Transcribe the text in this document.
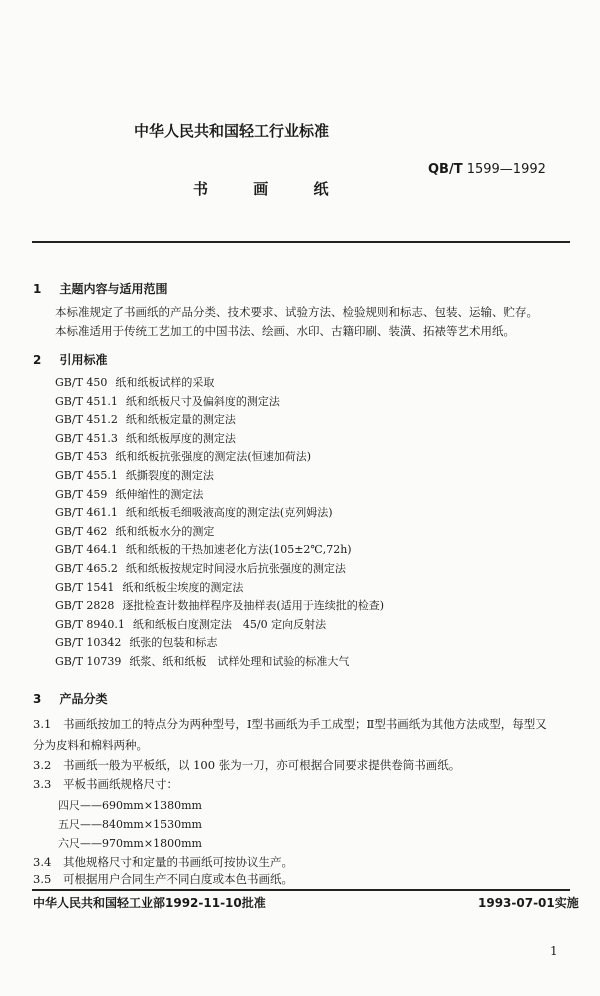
中华人民共和国轻工行业标准
QB/T 1599—1992
书 画 纸
1 主题内容与适用范围
本标准规定了书画纸的产品分类、技术要求、试验方法、检验规则和标志、包装、运输、贮存。
本标准适用于传统工艺加工的中国书法、绘画、水印、古籍印刷、装潢、拓裱等艺术用纸。
2 引用标准
GB/T 450 纸和纸板试样的采取
GB/T 451.1 纸和纸板尺寸及偏斜度的测定法
GB/T 451.2 纸和纸板定量的测定法
GB/T 451.3 纸和纸板厚度的测定法
GB/T 453 纸和纸板抗张强度的测定法(恒速加荷法)
GB/T 455.1 纸撕裂度的测定法
GB/T 459 纸伸缩性的测定法
GB/T 461.1 纸和纸板毛细吸液高度的测定法(克列姆法)
GB/T 462 纸和纸板水分的测定
GB/T 464.1 纸和纸板的干热加速老化方法(105±2℃,72h)
GB/T 465.2 纸和纸板按规定时间浸水后抗张强度的测定法
GB/T 1541 纸和纸板尘埃度的测定法
GB/T 2828 逐批检查计数抽样程序及抽样表(适用于连续批的检查)
GB/T 8940.1 纸和纸板白度测定法　45/0 定向反射法
GB/T 10342 纸张的包装和标志
GB/T 10739 纸浆、纸和纸板　试样处理和试验的标准大气
3 产品分类
3.1 书画纸按加工的特点分为两种型号，Ⅰ型书画纸为手工成型；Ⅱ型书画纸为其他方法成型，每型又
分为皮料和棉料两种。
3.2 书画纸一般为平板纸，以 100 张为一刀，亦可根据合同要求提供卷筒书画纸。
3.3 平板书画纸规格尺寸：
四尺——690mm×1380mm
五尺——840mm×1530mm
六尺——970mm×1800mm
3.4 其他规格尺寸和定量的书画纸可按协议生产。
3.5 可根据用户合同生产不同白度或本色书画纸。
中华人民共和国轻工业部1992-11-10批准	1993-07-01实施
1
